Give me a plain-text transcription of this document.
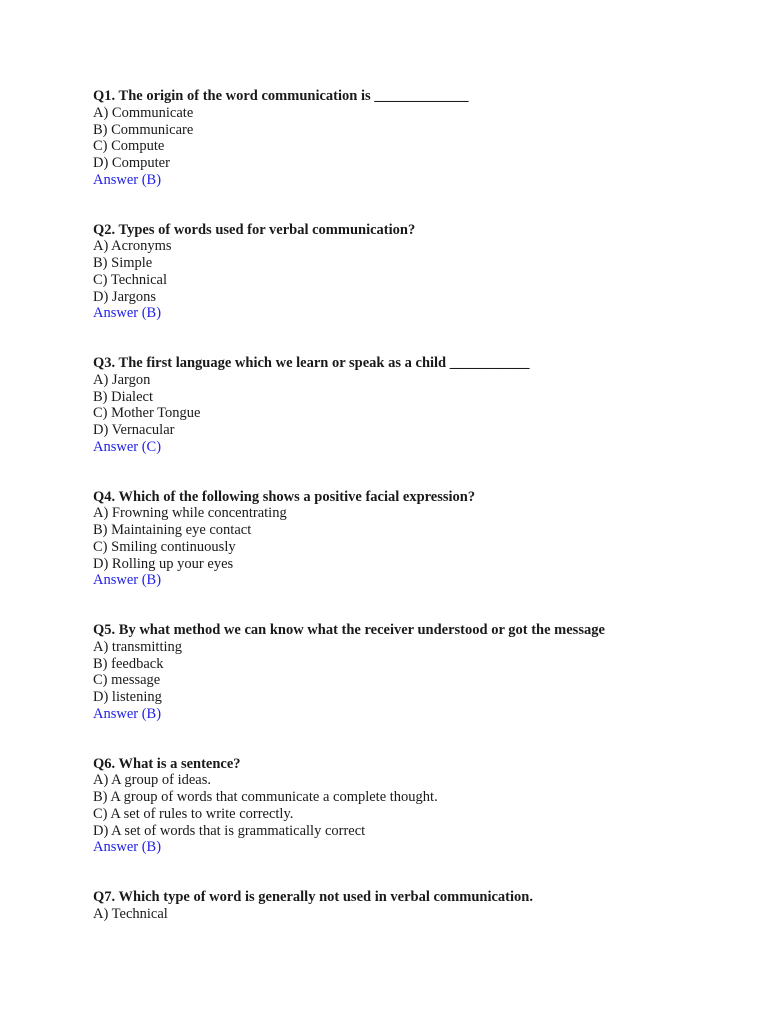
Q1. The origin of the word communication is _____________
A) Communicate
B) Communicare
C) Compute
D) Computer
Answer (B)
Q2. Types of words used for verbal communication?
A) Acronyms
B) Simple
C) Technical
D) Jargons
Answer (B)
Q3. The first language which we learn or speak as a child ___________
A) Jargon
B) Dialect
C) Mother Tongue
D) Vernacular
Answer (C)
Q4. Which of the following shows a positive facial expression?
A) Frowning while concentrating
B) Maintaining eye contact
C) Smiling continuously
D) Rolling up your eyes
Answer (B)
Q5. By what method we can know what the receiver understood or got the message
A) transmitting
B) feedback
C) message
D) listening
Answer (B)
Q6. What is a sentence?
A) A group of ideas.
B) A group of words that communicate a complete thought.
C) A set of rules to write correctly.
D) A set of words that is grammatically correct
Answer (B)
Q7. Which type of word is generally not used in verbal communication.
A) Technical
